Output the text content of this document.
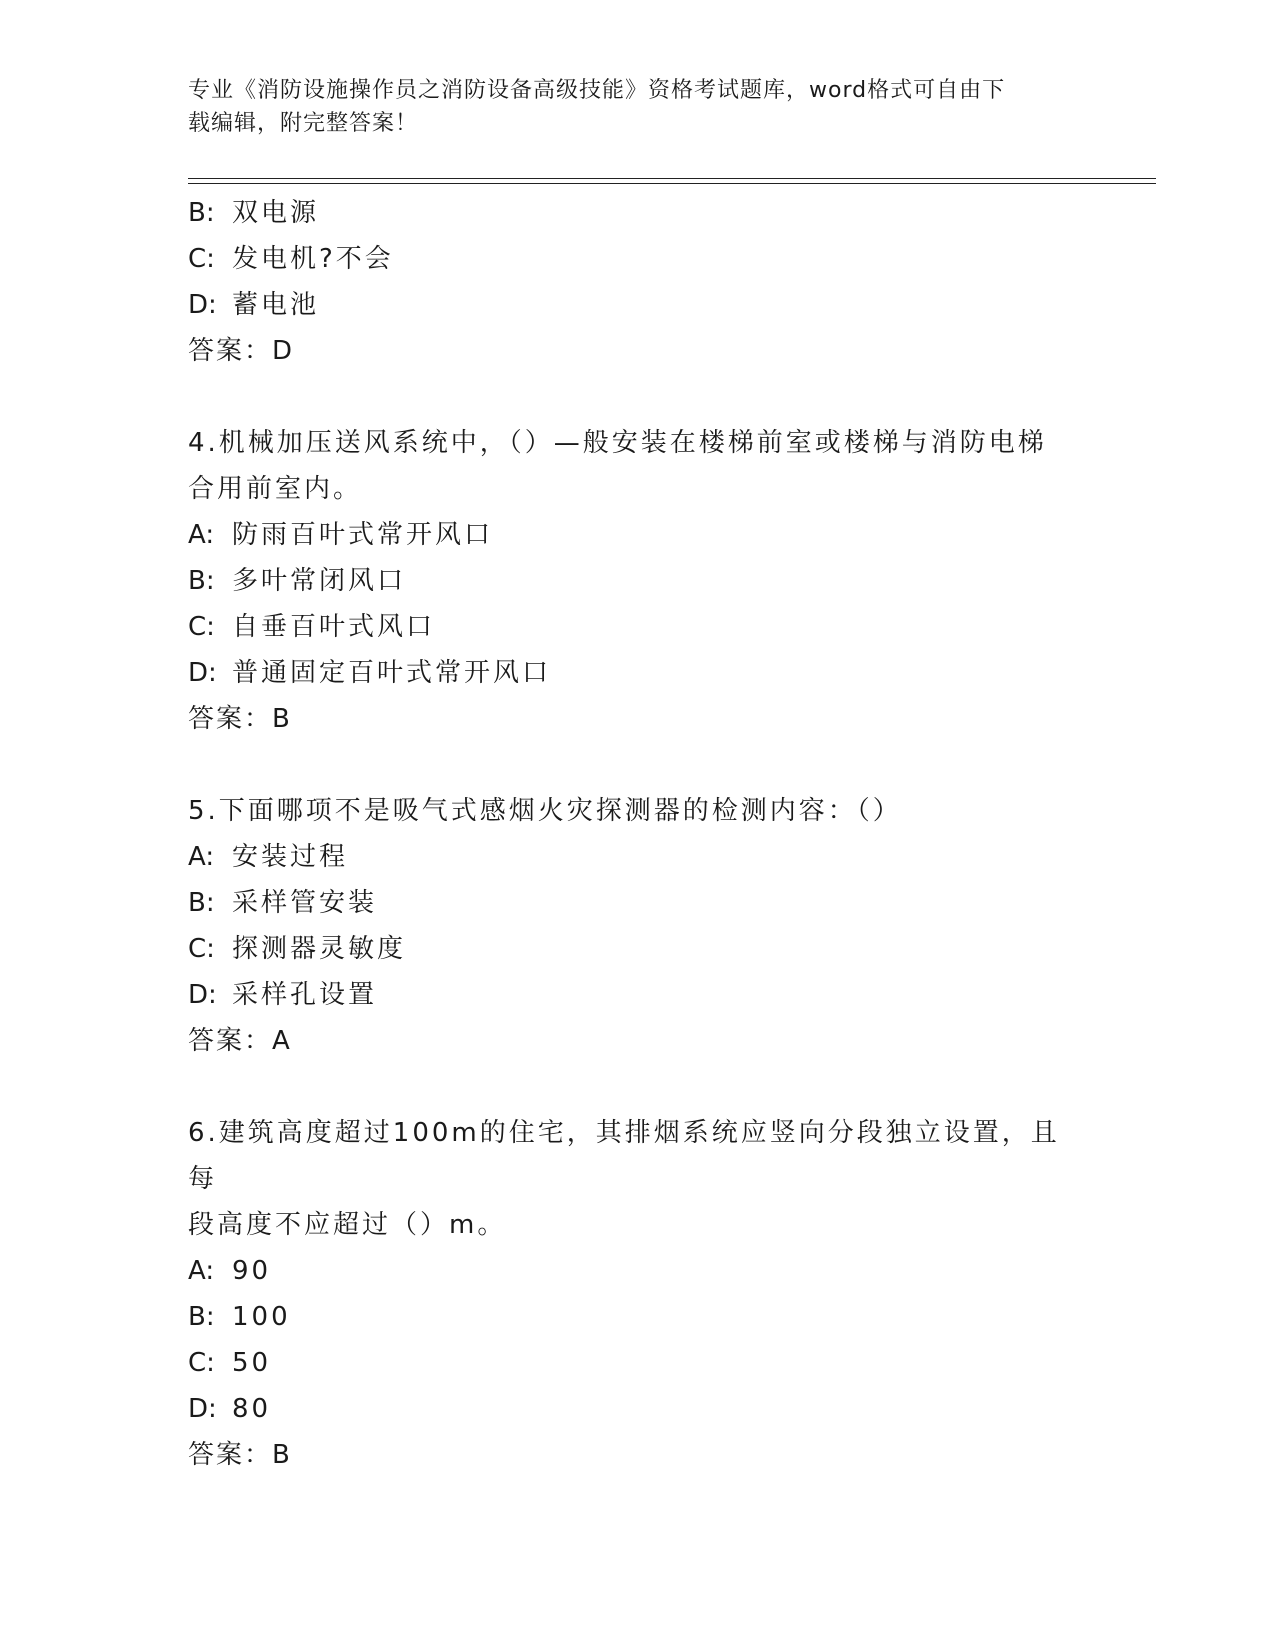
专业《消防设施操作员之消防设备高级技能》资格考试题库，word格式可自由下
载编辑，附完整答案！
B: 双电源
C: 发电机?不会
D: 蓄电池
答案：D
4.机械加压送风系统中，（）—般安装在楼梯前室或楼梯与消防电梯
合用前室内。
A: 防雨百叶式常开风口
B: 多叶常闭风口
C: 自垂百叶式风口
D: 普通固定百叶式常开风口
答案：B
5.下面哪项不是吸气式感烟火灾探测器的检测内容：（）
A: 安装过程
B: 采样管安装
C: 探测器灵敏度
D: 采样孔设置
答案：A
6.建筑高度超过100m的住宅，其排烟系统应竖向分段独立设置，且每
段高度不应超过（）m。
A: 90
B: 100
C: 50
D: 80
答案：B
